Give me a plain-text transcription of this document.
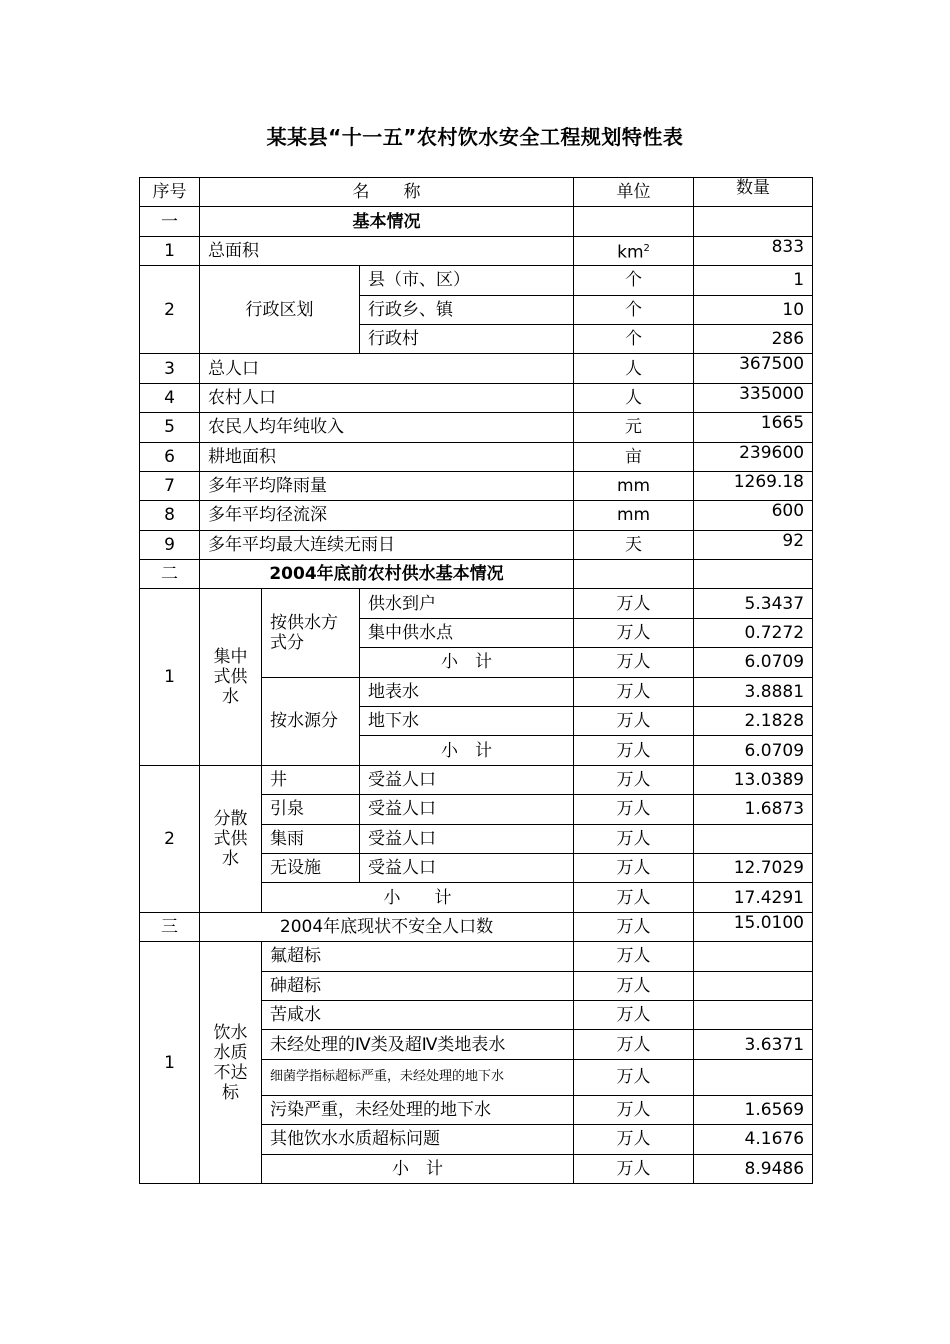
某某县“十一五”农村饮水安全工程规划特性表
序号	名　　称			单位	数量
一	基本情况				
1	总面积			$km^2$	833
2	行政区划		县（市、区）	个	1
			行政乡、镇	个	10
			行政村	个	286
3	总人口			人	367500
4	农村人口			人	335000
5	农民人均年纯收入			元	1665
6	耕地面积			亩	239600
7	多年平均降雨量			mm	1269.18
8	多年平均径流深			mm	600
9	多年平均最大连续无雨日			天	92
二	2004年底前农村供水基本情况				
1	集中式供水	按供水方式分	供水到户	万人	5.3437
			集中供水点	万人	0.7272
			小　计	万人	6.0709
		按水源分	地表水	万人	3.8881
			地下水	万人	2.1828
			小　计	万人	6.0709
2	分散式供水	井	受益人口	万人	13.0389
		引泉	受益人口	万人	1.6873
		集雨	受益人口	万人	
		无设施	受益人口	万人	12.7029
		小　　计		万人	17.4291
三	2004年底现状不安全人口数			万人	15.0100
1	饮水水质不达标	氟超标		万人	
		砷超标		万人	
		苦咸水		万人	
		未经处理的Ⅳ类及超Ⅳ类地表水		万人	3.6371
		细菌学指标超标严重，未经处理的地下水		万人	
		污染严重，未经处理的地下水		万人	1.6569
		其他饮水水质超标问题		万人	4.1676
		小　计		万人	8.9486
